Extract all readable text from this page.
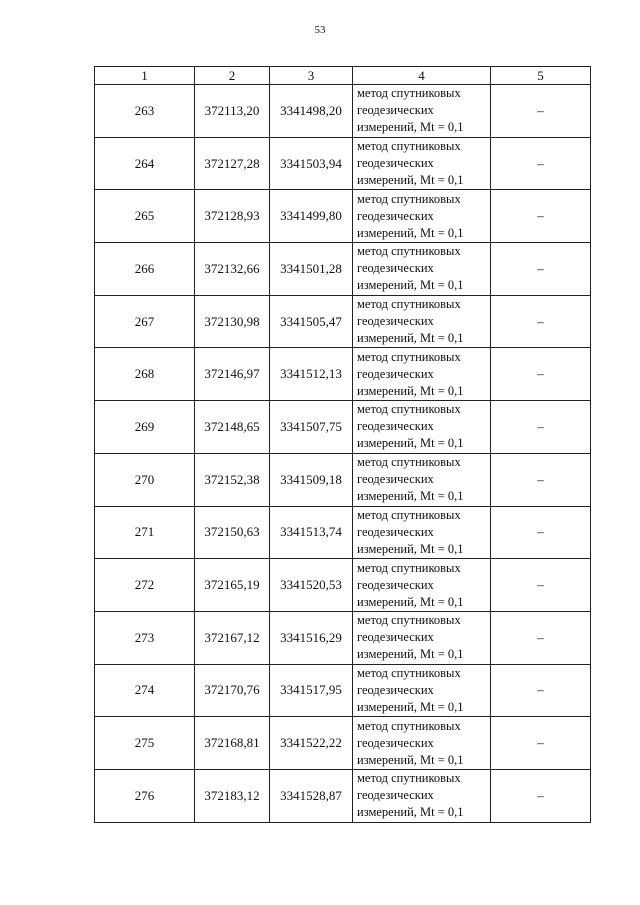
53
1	2	3	4	5
263	372113,20	3341498,20	метод спутниковых
геодезических
измерений, Mt = 0,1	–
264	372127,28	3341503,94	метод спутниковых
геодезических
измерений, Mt = 0,1	–
265	372128,93	3341499,80	метод спутниковых
геодезических
измерений, Mt = 0,1	–
266	372132,66	3341501,28	метод спутниковых
геодезических
измерений, Mt = 0,1	–
267	372130,98	3341505,47	метод спутниковых
геодезических
измерений, Mt = 0,1	–
268	372146,97	3341512,13	метод спутниковых
геодезических
измерений, Mt = 0,1	–
269	372148,65	3341507,75	метод спутниковых
геодезических
измерений, Mt = 0,1	–
270	372152,38	3341509,18	метод спутниковых
геодезических
измерений, Mt = 0,1	–
271	372150,63	3341513,74	метод спутниковых
геодезических
измерений, Mt = 0,1	–
272	372165,19	3341520,53	метод спутниковых
геодезических
измерений, Mt = 0,1	–
273	372167,12	3341516,29	метод спутниковых
геодезических
измерений, Mt = 0,1	–
274	372170,76	3341517,95	метод спутниковых
геодезических
измерений, Mt = 0,1	–
275	372168,81	3341522,22	метод спутниковых
геодезических
измерений, Mt = 0,1	–
276	372183,12	3341528,87	метод спутниковых
геодезических
измерений, Mt = 0,1	–
